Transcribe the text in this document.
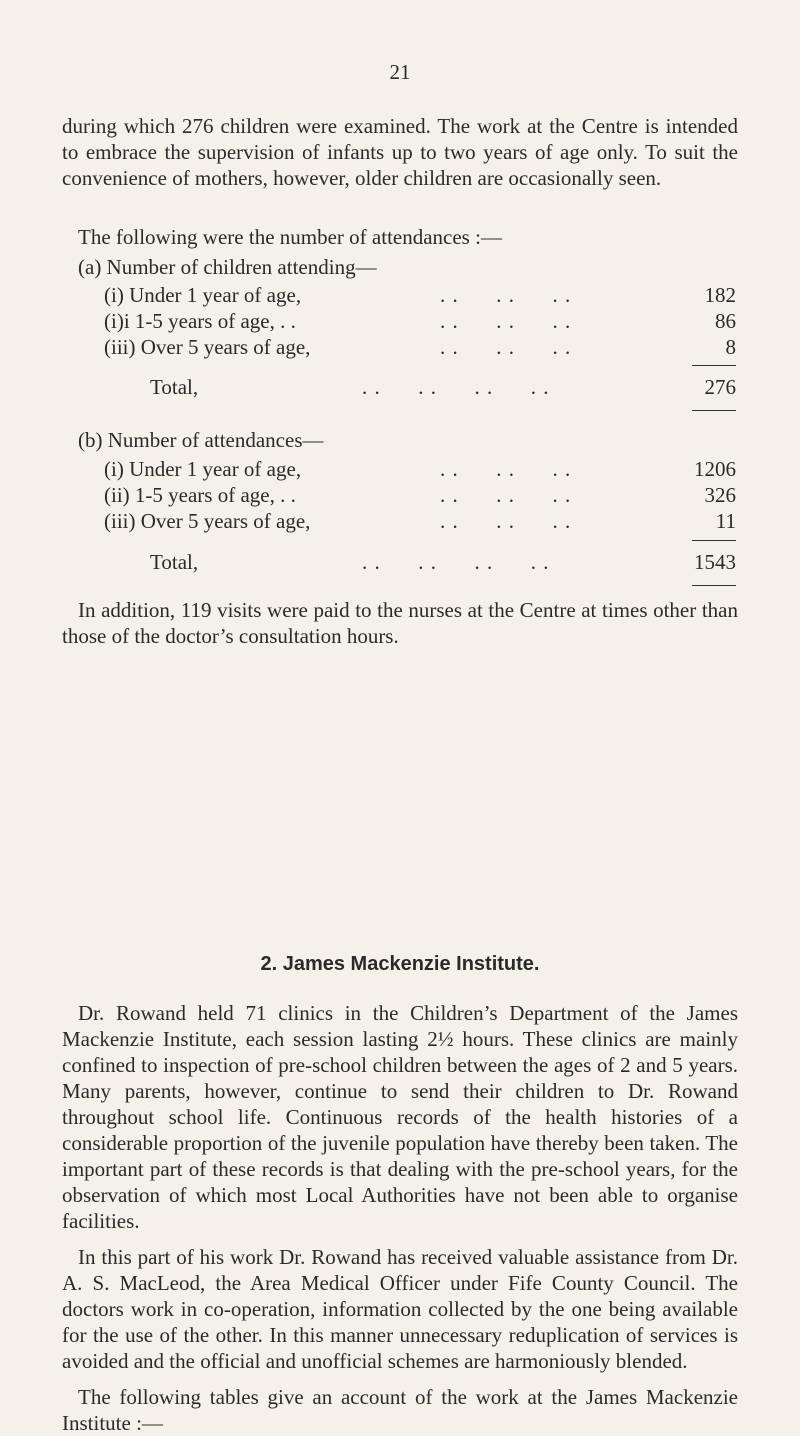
21

during which 276 children were examined. The work at the Centre is intended to embrace the supervision of infants up to two years of age only. To suit the convenience of mothers, however, older children are occasionally seen.

The following were the number of attendances :—
(a) Number of children attending—
(i) Under 1 year of age,	. .      . .      . .	182
(i)i 1-5 years of age, . .	. .      . .      . .	86
(iii) Over 5 years of age,	. .      . .      . .	8
Total,	. .      . .      . .      . .	276
(b) Number of attendances—
(i) Under 1 year of age,	. .      . .      . .	1206
(ii) 1-5 years of age, . .	. .      . .      . .	326
(iii) Over 5 years of age,	. .      . .      . .	11
Total,	. .      . .      . .      . .	1543

In addition, 119 visits were paid to the nurses at the Centre at times other than those of the doctor’s consultation hours.

2. James Mackenzie Institute.

Dr. Rowand held 71 clinics in the Children’s Department of the James Mackenzie Institute, each session lasting 2½ hours. These clinics are mainly confined to inspection of pre-school children between the ages of 2 and 5 years. Many parents, however, continue to send their children to Dr. Rowand throughout school life. Continuous records of the health histories of a considerable proportion of the juvenile population have thereby been taken. The important part of these records is that dealing with the pre-school years, for the observation of which most Local Authorities have not been able to organise facilities.

In this part of his work Dr. Rowand has received valuable assistance from Dr. A. S. MacLeod, the Area Medical Officer under Fife County Council. The doctors work in co-operation, information collected by the one being available for the use of the other. In this manner unnecessary reduplication of services is avoided and the official and unofficial schemes are harmoniously blended.

The following tables give an account of the work at the James Mackenzie Institute :—
